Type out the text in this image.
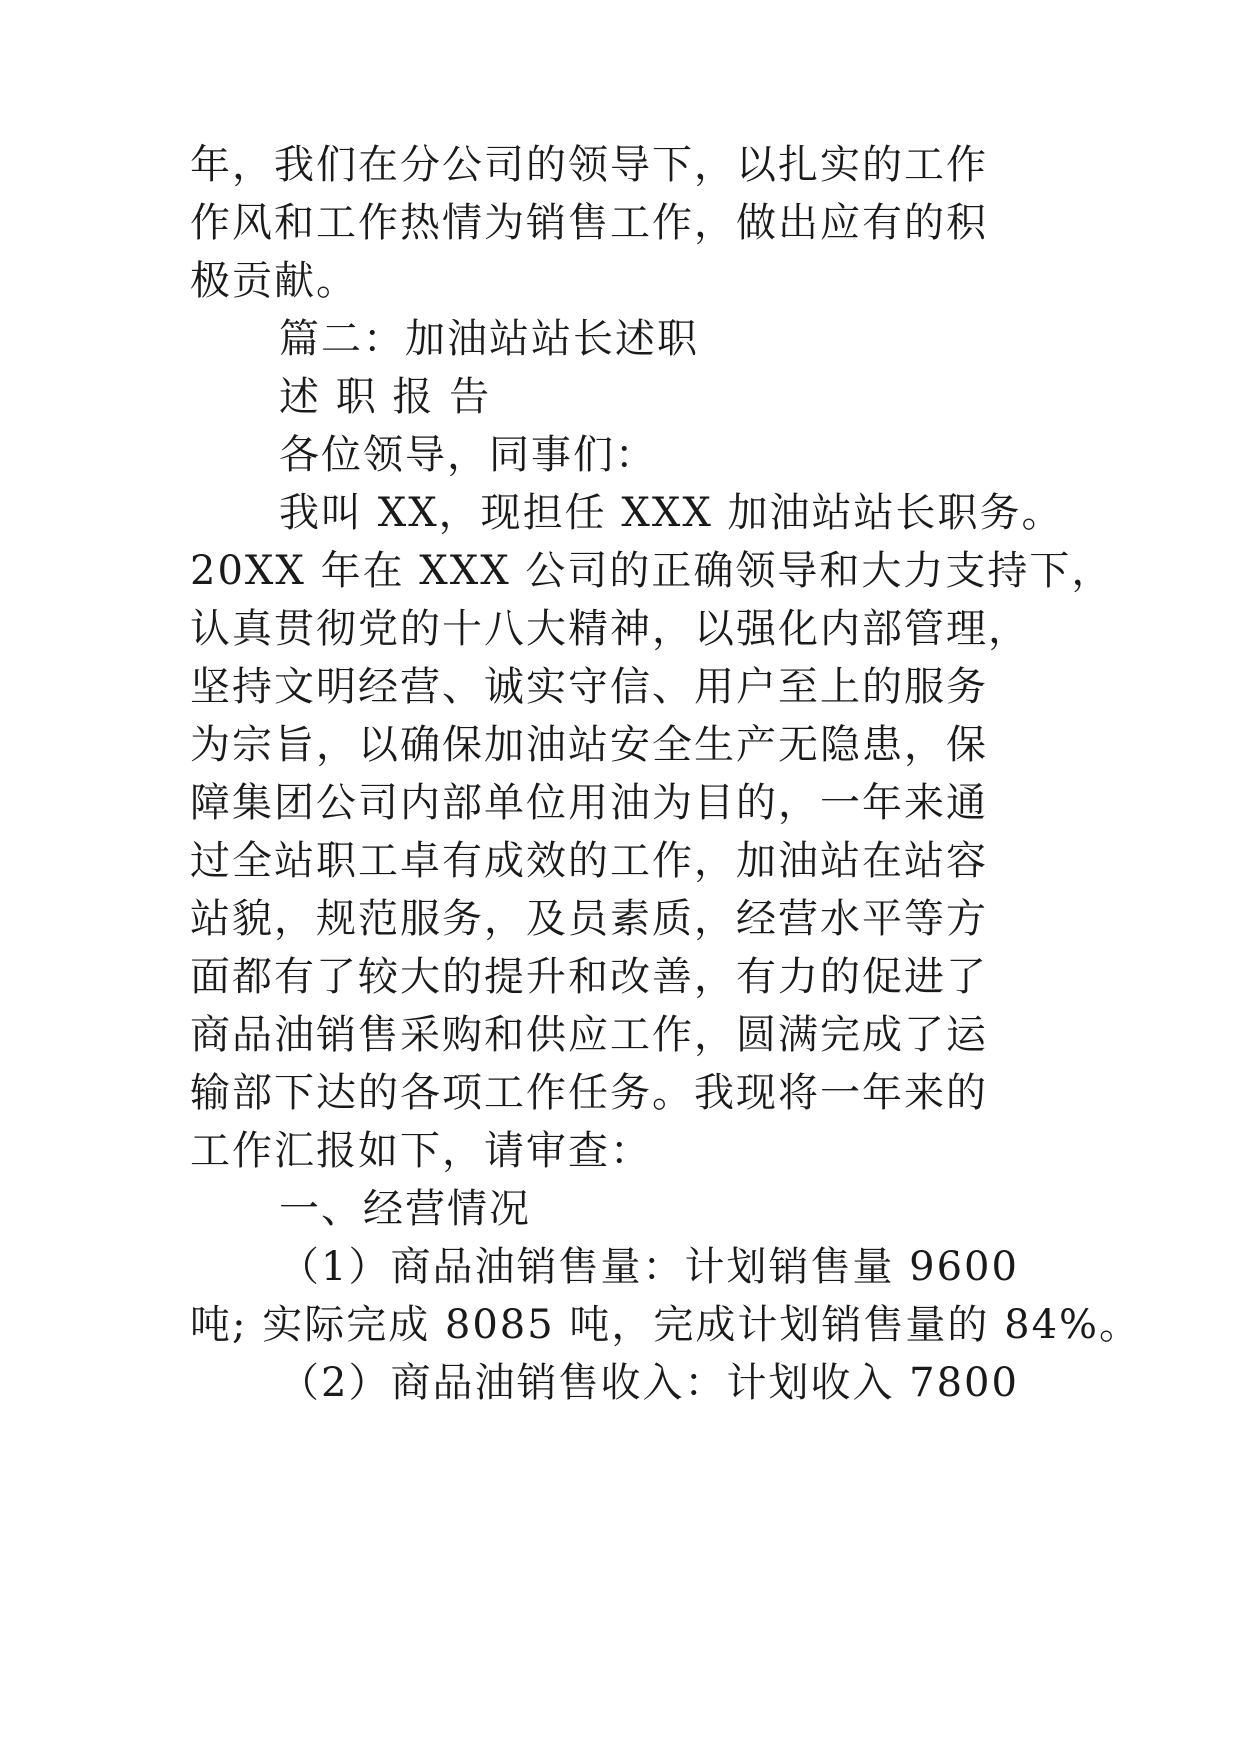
年，我们在分公司的领导下，以扎实的工作
作风和工作热情为销售工作，做出应有的积
极贡献。
篇二：加油站站长述职
述 职 报 告
各位领导，同事们：
我叫 XX，现担任 XXX 加油站站长职务。
20XX 年在 XXX 公司的正确领导和大力支持下，
认真贯彻党的十八大精神，以强化内部管理，
坚持文明经营、诚实守信、用户至上的服务
为宗旨，以确保加油站安全生产无隐患，保
障集团公司内部单位用油为目的，一年来通
过全站职工卓有成效的工作，加油站在站容
站貌，规范服务，及员素质，经营水平等方
面都有了较大的提升和改善，有力的促进了
商品油销售采购和供应工作，圆满完成了运
输部下达的各项工作任务。我现将一年来的
工作汇报如下，请审查：
一、经营情况
（1）商品油销售量：计划销售量 9600
吨; 实际完成 8085 吨，完成计划销售量的 84%。
（2）商品油销售收入：计划收入 7800
